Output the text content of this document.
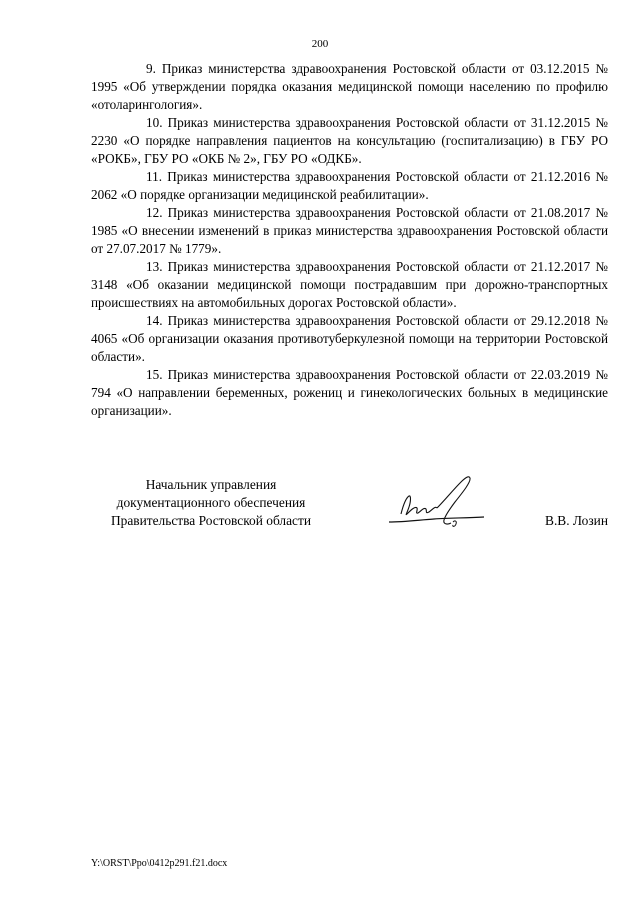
200

9. Приказ министерства здравоохранения Ростовской области от 03.12.2015 № 1995 «Об утверждении порядка оказания медицинской помощи населению по профилю «отоларингология».

10. Приказ министерства здравоохранения Ростовской области от 31.12.2015 № 2230 «О порядке направления пациентов на консультацию (госпитализацию) в ГБУ РО «РОКБ», ГБУ РО «ОКБ № 2», ГБУ РО «ОДКБ».

11. Приказ министерства здравоохранения Ростовской области от 21.12.2016 № 2062 «О порядке организации медицинской реабилитации».

12. Приказ министерства здравоохранения Ростовской области от 21.08.2017 № 1985 «О внесении изменений в приказ министерства здравоохранения Ростовской области от 27.07.2017 № 1779».

13. Приказ министерства здравоохранения Ростовской области от 21.12.2017 № 3148 «Об оказании медицинской помощи пострадавшим при дорожно-транспортных происшествиях на автомобильных дорогах Ростовской области».

14. Приказ министерства здравоохранения Ростовской области от 29.12.2018 № 4065 «Об организации оказания противотуберкулезной помощи на территории Ростовской области».

15. Приказ министерства здравоохранения Ростовской области от 22.03.2019 № 794 «О направлении беременных, рожениц и гинекологических больных в медицинские организации».

Начальник управления
документационного обеспечения
Правительства Ростовской области	В.В. Лозин
Y:\ORST\Ppo\0412p291.f21.docx
